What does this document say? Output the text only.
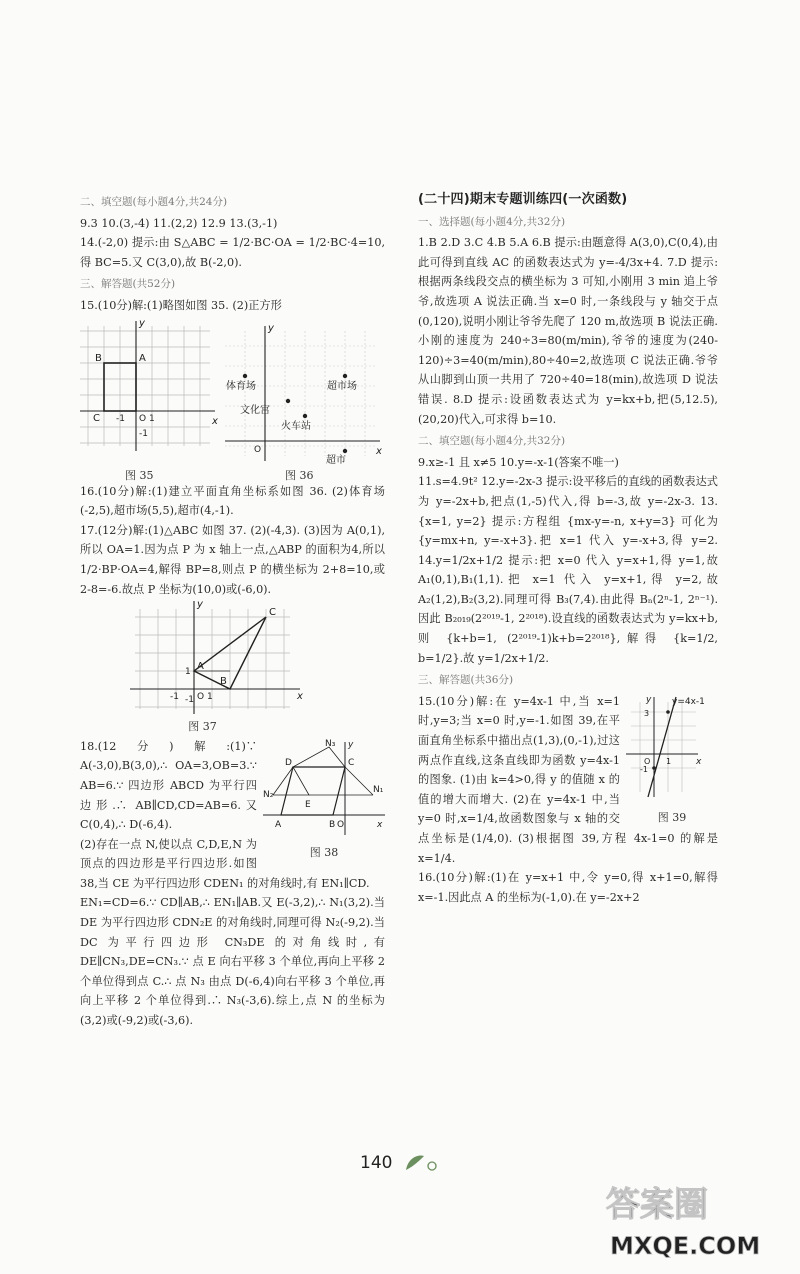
二、填空题(每小题4分,共24分)

9.3 10.(3,-4) 11.(2,2) 12.9 13.(3,-1)

14.(-2,0) 提示:由 S△ABC = 1/2·BC·OA = 1/2·BC·4=10,得 BC=5.又 C(3,0),故 B(-2,0).

三、解答题(共52分)

15.(10分)解:(1)略图如图 35. (2)正方形

x
y
B	A
C -1 O 1
-1
体育场
文化宫
火车站
超市场
超市
x
y
O
图 35	图 36

16.(10分)解:(1)建立平面直角坐标系如图 36. (2)体育场(-2,5),超市场(5,5),超市(4,-1).

17.(12分)解:(1)△ABC 如图 37. (2)(-4,3). (3)因为 A(0,1),所以 OA=1.因为点 P 为 x 轴上一点,△ABP 的面积为4,所以 1/2·BP·OA=4,解得 BP=8,则点 P 的横坐标为 2+8=10,或 2-8=-6.故点 P 坐标为(10,0)或(-6,0).

A
B
C
x
y
-1 O 1
1
-1
图 37
N₃
D	C
N₂
E
N₁
A	O
B	x
y
图 38

18.(12分)解:(1)∵ A(-3,0),B(3,0),∴ OA=3,OB=3.∵ AB=6.∵ 四边形 ABCD 为平行四边形.∴ AB∥CD,CD=AB=6.又 C(0,4),∴ D(-6,4).

(2)存在一点 N,使以点 C,D,E,N 为顶点的四边形是平行四边形.如图 38,当 CE 为平行四边形 CDEN₁ 的对角线时,有 EN₁∥CD.

EN₁=CD=6.∵ CD∥AB,∴ EN₁∥AB.又 E(-3,2),∴ N₁(3,2).当 DE 为平行四边形 CDN₂E 的对角线时,同理可得 N₂(-9,2).当 DC 为平行四边形 CN₃DE 的对角线时,有 DE∥CN₃,DE=CN₃.∵ 点 E 向右平移 3 个单位,再向上平移 2 个单位得到点 C.∴ 点 N₃ 由点 D(-6,4)向右平移 3 个单位,再向上平移 2 个单位得到.∴ N₃(-3,6).综上,点 N 的坐标为(3,2)或(-9,2)或(-3,6).

(二十四)期末专题训练四(一次函数)

一、选择题(每小题4分,共32分)

1.B 2.D 3.C 4.B 5.A 6.B 提示:由题意得 A(3,0),C(0,4),由此可得到直线 AC 的函数表达式为 y=-4/3x+4. 7.D 提示:根据两条线段交点的横坐标为 3 可知,小刚用 3 min 追上爷爷,故选项 A 说法正确.当 x=0 时,一条线段与 y 轴交于点(0,120),说明小刚让爷爷先爬了 120 m,故选项 B 说法正确.小刚的速度为 240÷3=80(m/min),爷爷的速度为(240-120)÷3=40(m/min),80÷40=2,故选项 C 说法正确.爷爷从山脚到山顶一共用了 720÷40=18(min),故选项 D 说法错误. 8.D 提示:设函数表达式为 y=kx+b,把(5,12.5),(20,20)代入,可求得 b=10.

二、填空题(每小题4分,共32分)

9.x≥-1 且 x≠5 10.y=-x-1(答案不唯一)

11.s=4.9t² 12.y=-2x-3 提示:设平移后的直线的函数表达式为 y=-2x+b,把点(1,-5)代入,得 b=-3,故 y=-2x-3. 13.{x=1, y=2} 提示:方程组 {mx-y=-n, x+y=3} 可化为 {y=mx+n, y=-x+3}.把 x=1 代入 y=-x+3,得 y=2. 14.y=1/2x+1/2 提示:把 x=0 代入 y=x+1,得 y=1,故 A₁(0,1),B₁(1,1).把 x=1 代入 y=x+1,得 y=2,故 A₂(1,2),B₂(3,2).同理可得 B₃(7,4).由此得 Bₙ(2ⁿ-1, 2ⁿ⁻¹).因此 B₂₀₁₉(2²⁰¹⁹-1, 2²⁰¹⁸).设直线的函数表达式为 y=kx+b,则 {k+b=1, (2²⁰¹⁹-1)k+b=2²⁰¹⁸},解得 {k=1/2, b=1/2}.故 y=1/2x+1/2.

三、解答题(共36分)

y=4x-1
y
x
O 1
3
-1
图 39

15.(10分)解:在 y=4x-1 中,当 x=1 时,y=3;当 x=0 时,y=-1.如图 39,在平面直角坐标系中描出点(1,3),(0,-1),过这两点作直线,这条直线即为函数 y=4x-1 的图象. (1)由 k=4>0,得 y 的值随 x 的值的增大而增大. (2)在 y=4x-1 中,当 y=0 时,x=1/4,故函数图象与 x 轴的交点坐标是(1/4,0). (3)根据图 39,方程 4x-1=0 的解是 x=1/4.

16.(10分)解:(1)在 y=x+1 中,令 y=0,得 x+1=0,解得 x=-1.因此点 A 的坐标为(-1,0).在 y=-2x+2

140
答案圈
MXQE.COM
